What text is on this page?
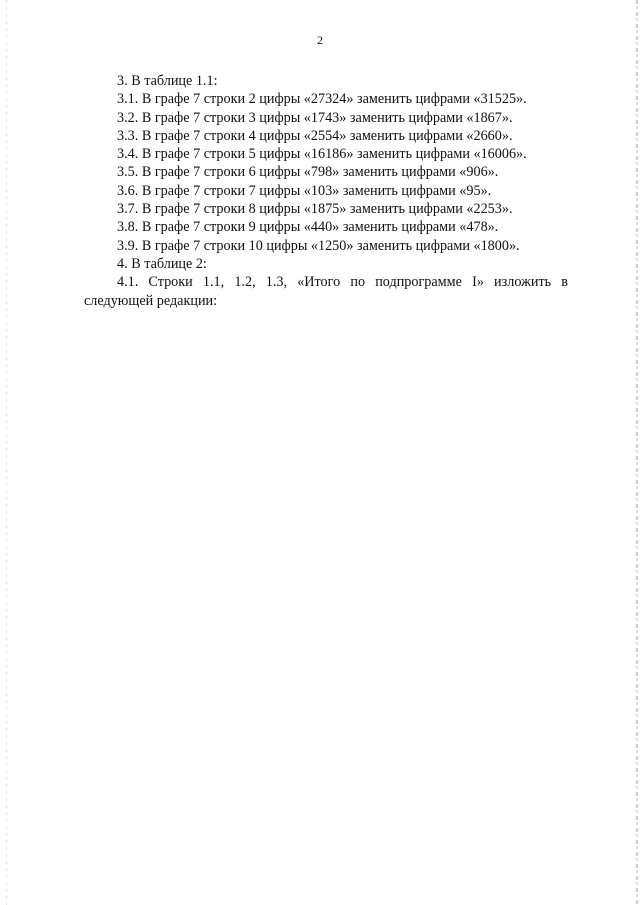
2

3. В таблице 1.1:

3.1. В графе 7 строки 2 цифры «27324» заменить цифрами «31525».

3.2. В графе 7 строки 3 цифры «1743» заменить цифрами «1867».

3.3. В графе 7 строки 4 цифры «2554» заменить цифрами «2660».

3.4. В графе 7 строки 5 цифры «16186» заменить цифрами «16006».

3.5. В графе 7 строки 6 цифры «798» заменить цифрами «906».

3.6. В графе 7 строки 7 цифры «103» заменить цифрами «95».

3.7. В графе 7 строки 8 цифры «1875» заменить цифрами «2253».

3.8. В графе 7 строки 9 цифры «440» заменить цифрами «478».

3.9. В графе 7 строки 10 цифры «1250» заменить цифрами «1800».

4. В таблице 2:

4.1. Строки 1.1, 1.2, 1.3, «Итого по подпрограмме I» изложить в следующей редакции:
